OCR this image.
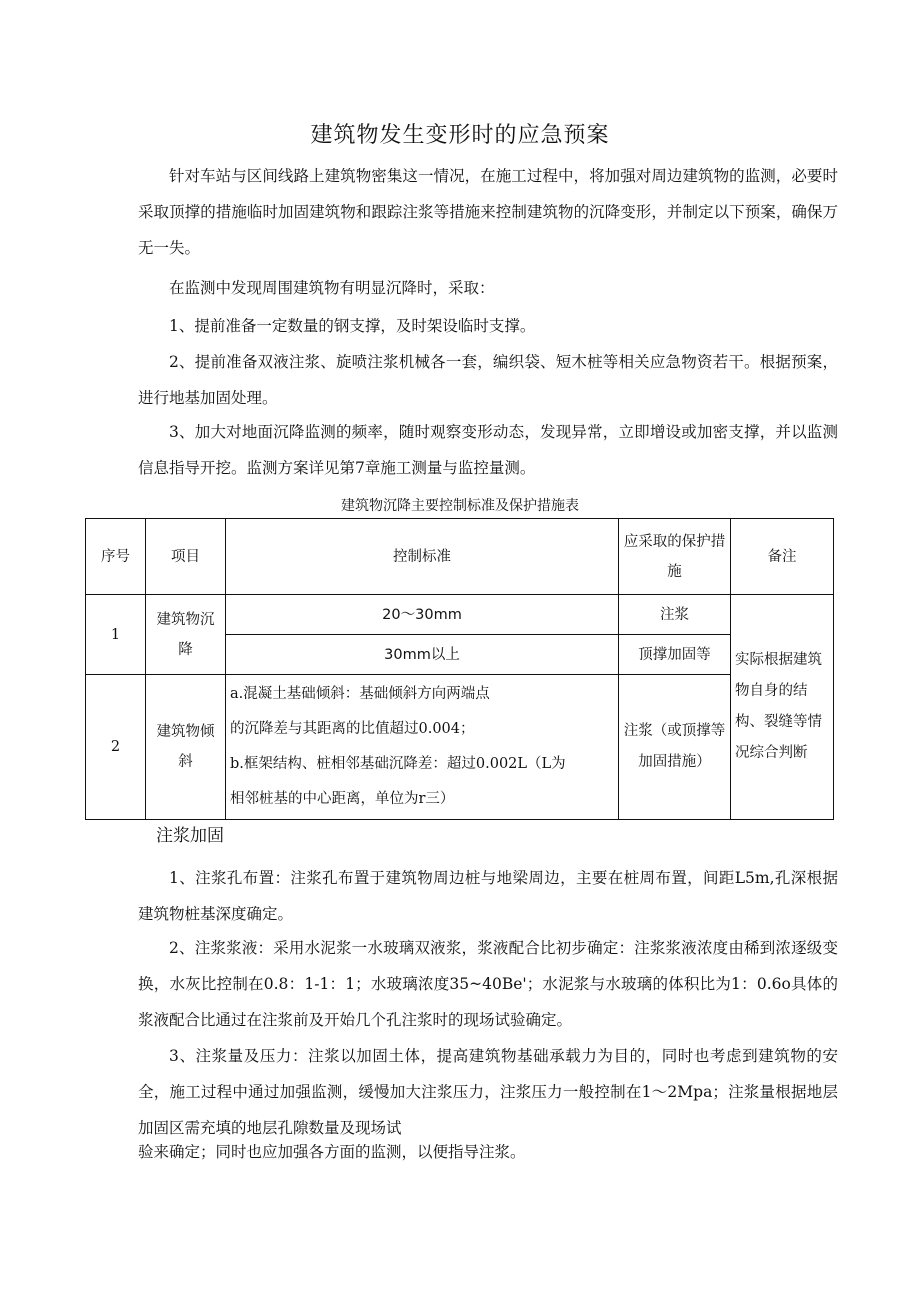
建筑物发生变形时的应急预案

针对车站与区间线路上建筑物密集这一情况，在施工过程中，将加强对周边建筑物的监测，必要时采取顶撑的措施临时加固建筑物和跟踪注浆等措施来控制建筑物的沉降变形，并制定以下预案，确保万无一失。

在监测中发现周围建筑物有明显沉降时，采取：

1、提前准备一定数量的钢支撑，及时架设临时支撑。

2、提前准备双液注浆、旋喷注浆机械各一套，编织袋、短木桩等相关应急物资若干。根据预案，进行地基加固处理。

3、加大对地面沉降监测的频率，随时观察变形动态，发现异常，立即增设或加密支撑，并以监测信息指导开挖。监测方案详见第7章施工测量与监控量测。

建筑物沉降主要控制标准及保护措施表
序号	项目	控制标准	应采取的保护措施	备注
1	建筑物沉降	20～30mm	注浆	实际根据建筑物自身的结构、裂缝等情况综合判断
		30mm以上	顶撑加固等	
2	建筑物倾斜	a.混凝土基础倾斜：基础倾斜方向两端点
的沉降差与其距离的比值超过0.004；
b.框架结构、桩相邻基础沉降差：超过0.002L（L为
相邻桩基的中心距离，单位为r三）	注浆（或顶撑等加固措施）	
注浆加固

1、注浆孔布置：注浆孔布置于建筑物周边桩与地梁周边，主要在桩周布置，间距L5m,孔深根据建筑物桩基深度确定。

2、注浆浆液：采用水泥浆一水玻璃双液浆，浆液配合比初步确定：注浆浆液浓度由稀到浓逐级变换，水灰比控制在0.8：1-1：1；水玻璃浓度35~40Be'；水泥浆与水玻璃的体积比为1：0.6o具体的浆液配合比通过在注浆前及开始几个孔注浆时的现场试验确定。

3、注浆量及压力：注浆以加固土体，提高建筑物基础承载力为目的，同时也考虑到建筑物的安全，施工过程中通过加强监测，缓慢加大注浆压力，注浆压力一般控制在1～2Mpa；注浆量根据地层加固区需充填的地层孔隙数量及现场试

验来确定；同时也应加强各方面的监测，以便指导注浆。
